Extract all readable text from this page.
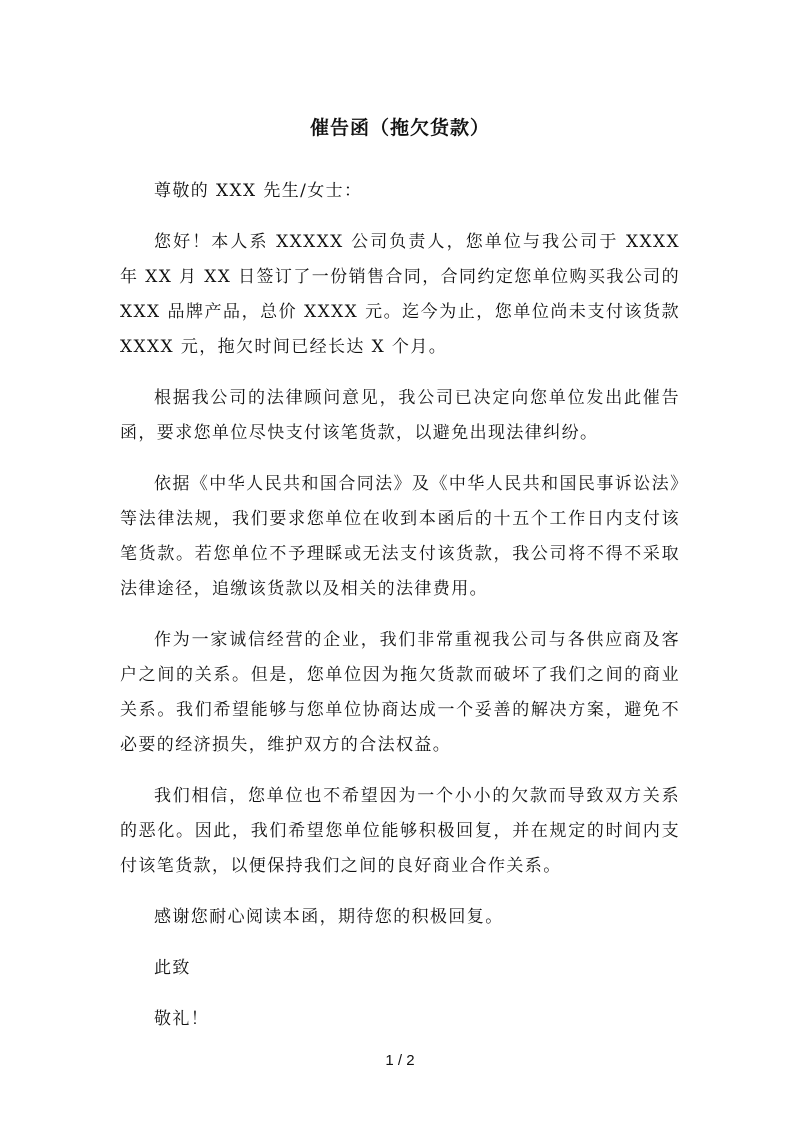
催告函（拖欠货款）

尊敬的 XXX 先生/女士：

您好！本人系 XXXXX 公司负责人，您单位与我公司于 XXXX 年 XX 月 XX 日签订了一份销售合同，合同约定您单位购买我公司的 XXX 品牌产品，总价 XXXX 元。迄今为止，您单位尚未支付该货款 XXXX 元，拖欠时间已经长达 X 个月。

根据我公司的法律顾问意见，我公司已决定向您单位发出此催告函，要求您单位尽快支付该笔货款，以避免出现法律纠纷。

依据《中华人民共和国合同法》及《中华人民共和国民事诉讼法》等法律法规，我们要求您单位在收到本函后的十五个工作日内支付该笔货款。若您单位不予理睬或无法支付该货款，我公司将不得不采取法律途径，追缴该货款以及相关的法律费用。

作为一家诚信经营的企业，我们非常重视我公司与各供应商及客户之间的关系。但是，您单位因为拖欠货款而破坏了我们之间的商业关系。我们希望能够与您单位协商达成一个妥善的解决方案，避免不必要的经济损失，维护双方的合法权益。

我们相信，您单位也不希望因为一个小小的欠款而导致双方关系的恶化。因此，我们希望您单位能够积极回复，并在规定的时间内支付该笔货款，以便保持我们之间的良好商业合作关系。

感谢您耐心阅读本函，期待您的积极回复。

此致

敬礼！

1 / 2
